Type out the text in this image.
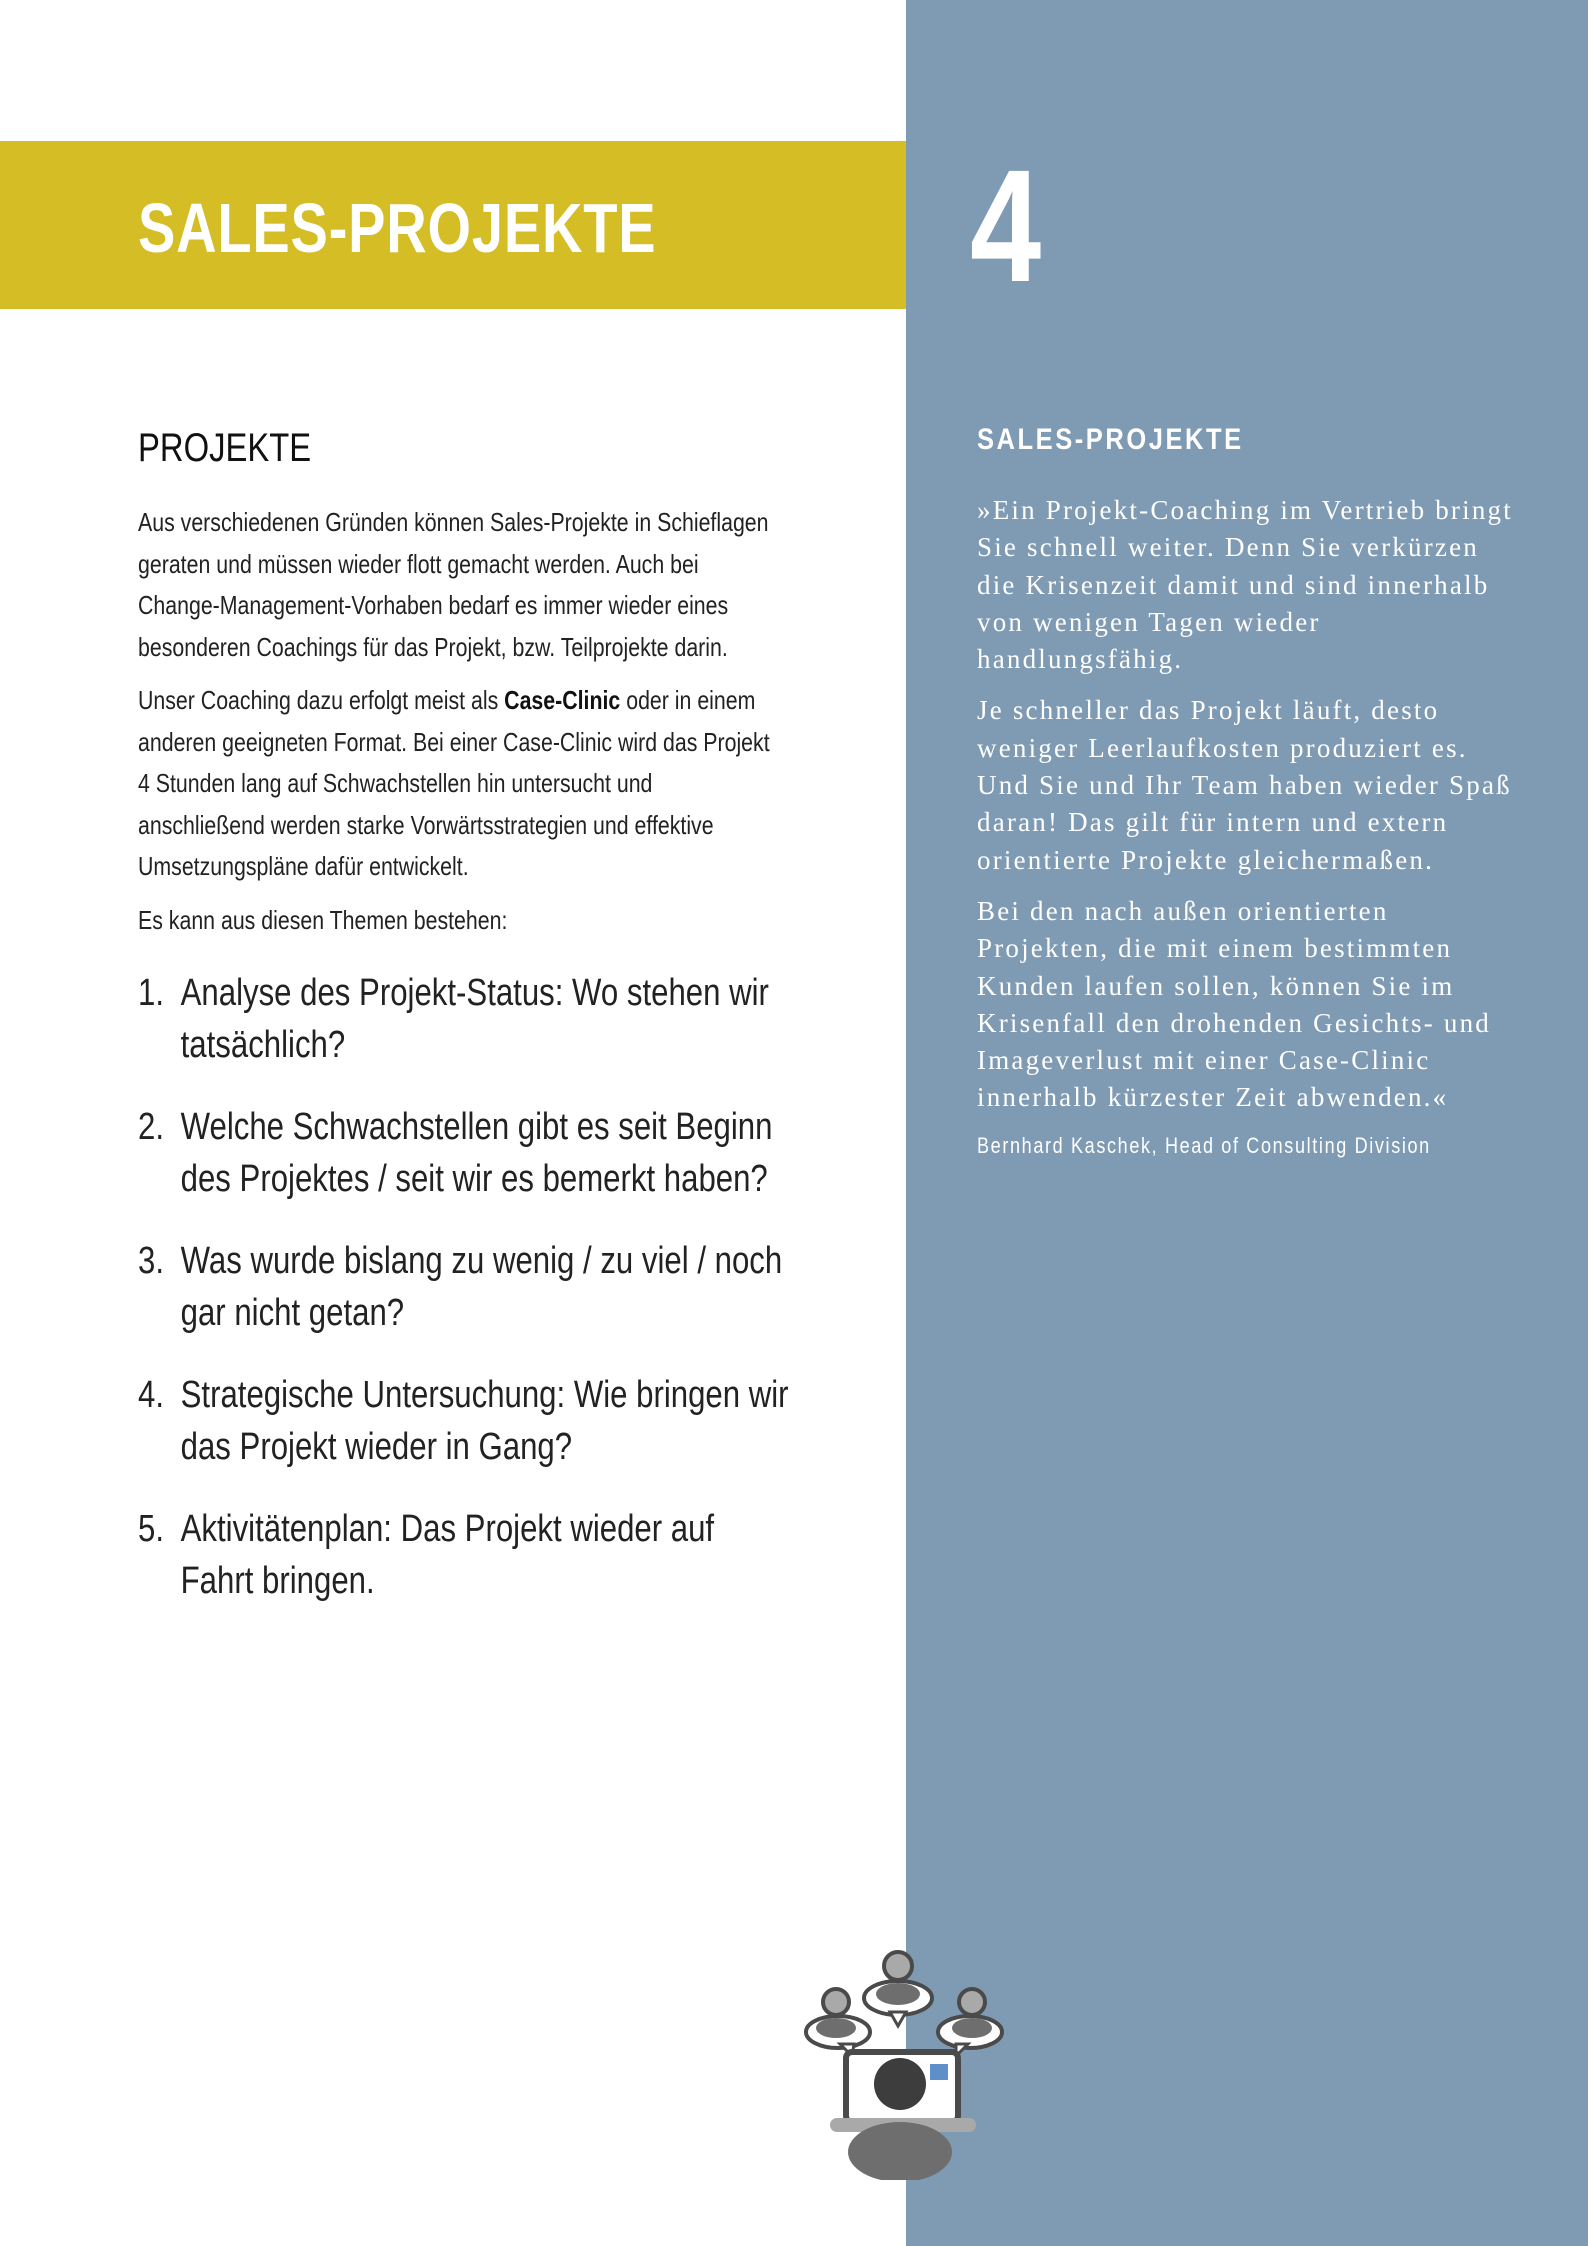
SALES-PROJEKTE 4
PROJEKTE

Aus verschiedenen Gründen können Sales-Projekte in Schieflagen geraten und müssen wieder flott gemacht werden. Auch bei Change-Management-Vorhaben bedarf es immer wieder eines besonderen Coachings für das Projekt, bzw. Teilprojekte darin.

Unser Coaching dazu erfolgt meist als Case-Clinic oder in einem anderen geeigneten Format. Bei einer Case-Clinic wird das Projekt 4 Stunden lang auf Schwachstellen hin untersucht und anschließend werden starke Vorwärtsstrategien und effektive Umsetzungspläne dafür entwickelt.

Es kann aus diesen Themen bestehen:

1. Analyse des Projekt-Status: Wo stehen wir tatsächlich?
2. Welche Schwachstellen gibt es seit Beginn des Projektes / seit wir es bemerkt haben?
3. Was wurde bislang zu wenig / zu viel / noch gar nicht getan?
4. Strategische Untersuchung: Wie bringen wir das Projekt wieder in Gang?
5. Aktivitätenplan: Das Projekt wieder auf Fahrt bringen.
SALES-PROJEKTE

»Ein Projekt-Coaching im Vertrieb bringt Sie schnell weiter. Denn Sie verkürzen die Krisenzeit damit und sind innerhalb von wenigen Tagen wieder handlungsfähig.

Je schneller das Projekt läuft, desto weniger Leerlaufkosten produziert es. Und Sie und Ihr Team haben wieder Spaß daran! Das gilt für intern und extern orientierte Projekte gleichermaßen.

Bei den nach außen orientierten Projekten, die mit einem bestimmten Kunden laufen sollen, können Sie im Krisenfall den drohenden Gesichts- und Imageverlust mit einer Case-Clinic innerhalb kürzester Zeit abwenden.«

Bernhard Kaschek, Head of Consulting Division
